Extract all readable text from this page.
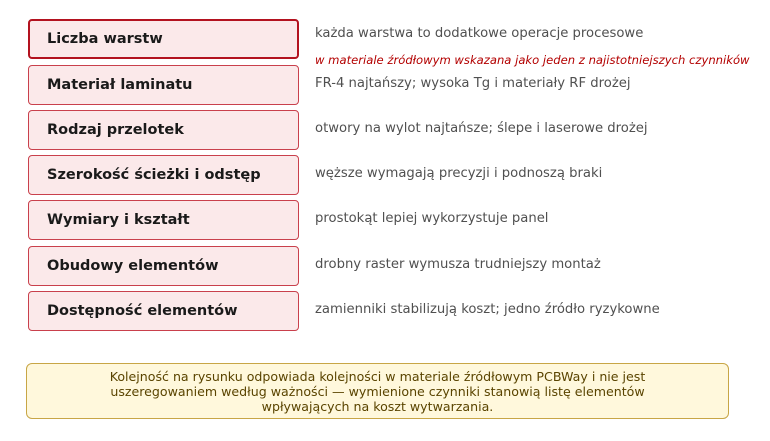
Liczba warstw	każda warstwa to dodatkowe operacje procesowe
w materiale źródłowym wskazana jako jeden z najistotniejszych czynników
Materiał laminatu	FR-4 najtańszy; wysoka Tg i materiały RF drożej
Rodzaj przelotek	otwory na wylot najtańsze; ślepe i laserowe drożej
Szerokość ścieżki i odstęp	węższe wymagają precyzji i podnoszą braki
Wymiary i kształt	prostokąt lepiej wykorzystuje panel
Obudowy elementów	drobny raster wymusza trudniejszy montaż
Dostępność elementów	zamienniki stabilizują koszt; jedno źródło ryzykowne
Kolejność na rysunku odpowiada kolejności w materiale źródłowym PCBWay i nie jest uszeregowaniem według ważności — wymienione czynniki stanowią listę elementów wpływających na koszt wytwarzania.
